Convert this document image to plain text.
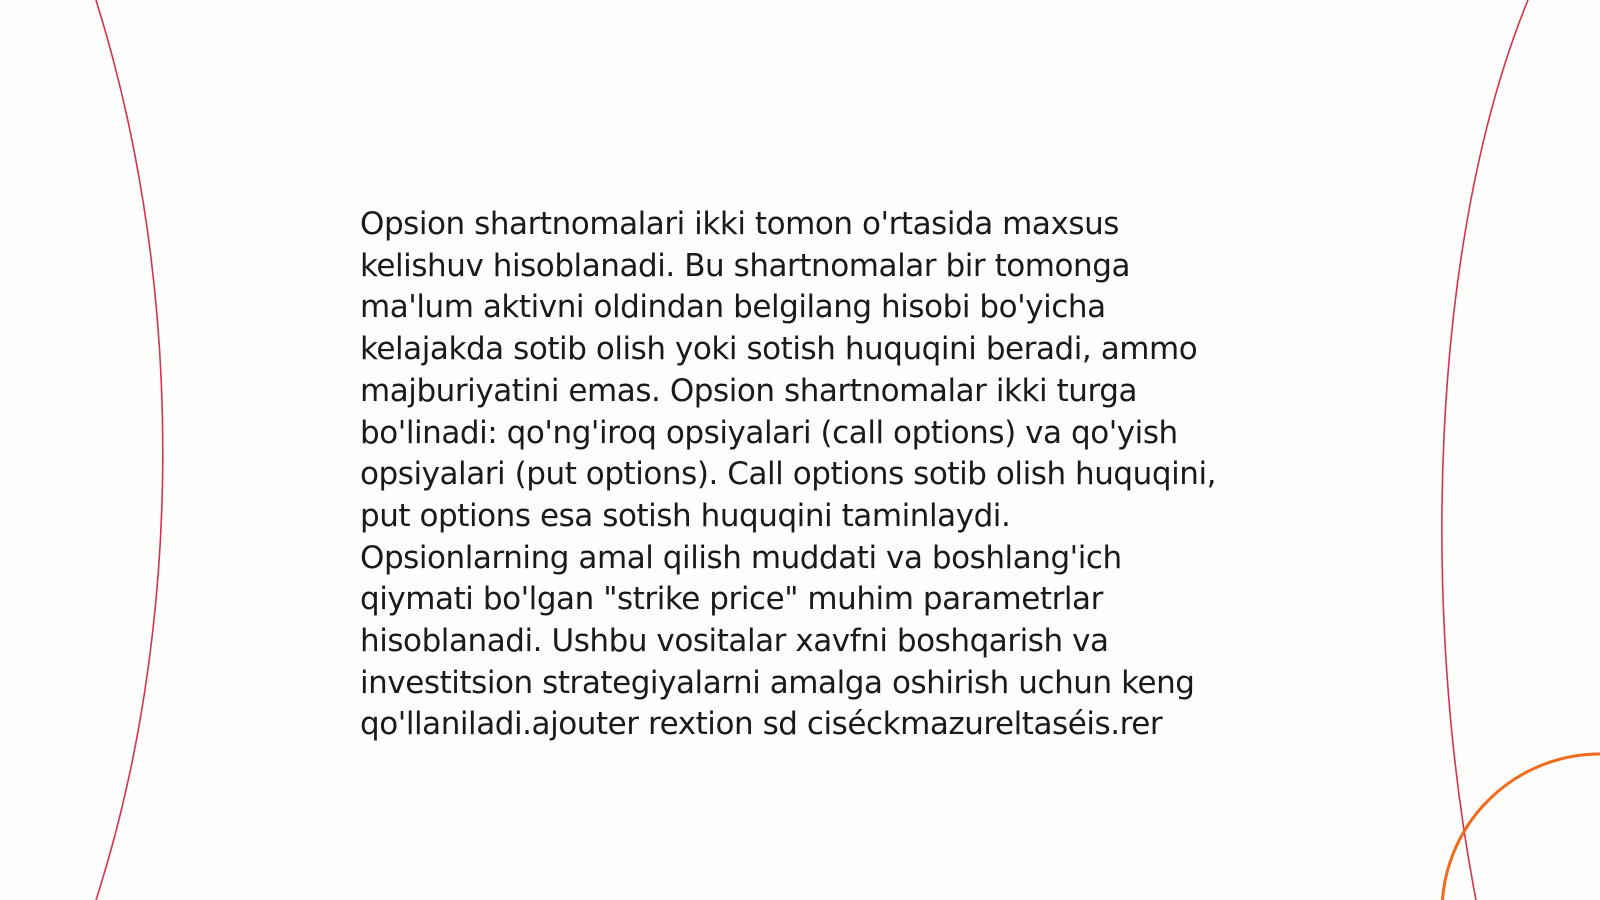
Opsion shartnomalari ikki tomon o'rtasida maxsus kelishuv hisoblanadi. Bu shartnomalar bir tomonga ma'lum aktivni oldindan belgilang hisobi bo'yicha kelajakda sotib olish yoki sotish huquqini beradi, ammo majburiyatini emas. Opsion shartnomalar ikki turga bo'linadi: qo'ng'iroq opsiyalari (call options) va qo'yish opsiyalari (put options). Call options sotib olish huquqini, put options esa sotish huquqini taminlaydi. Opsionlarning amal qilish muddati va boshlang'ich qiymati bo'lgan "strike price" muhim parametrlar hisoblanadi. Ushbu vositalar xavfni boshqarish va investitsion strategiyalarni amalga oshirish uchun keng qo'llaniladi.ajouter rextion sd ciséckmazureltaséis.rer
